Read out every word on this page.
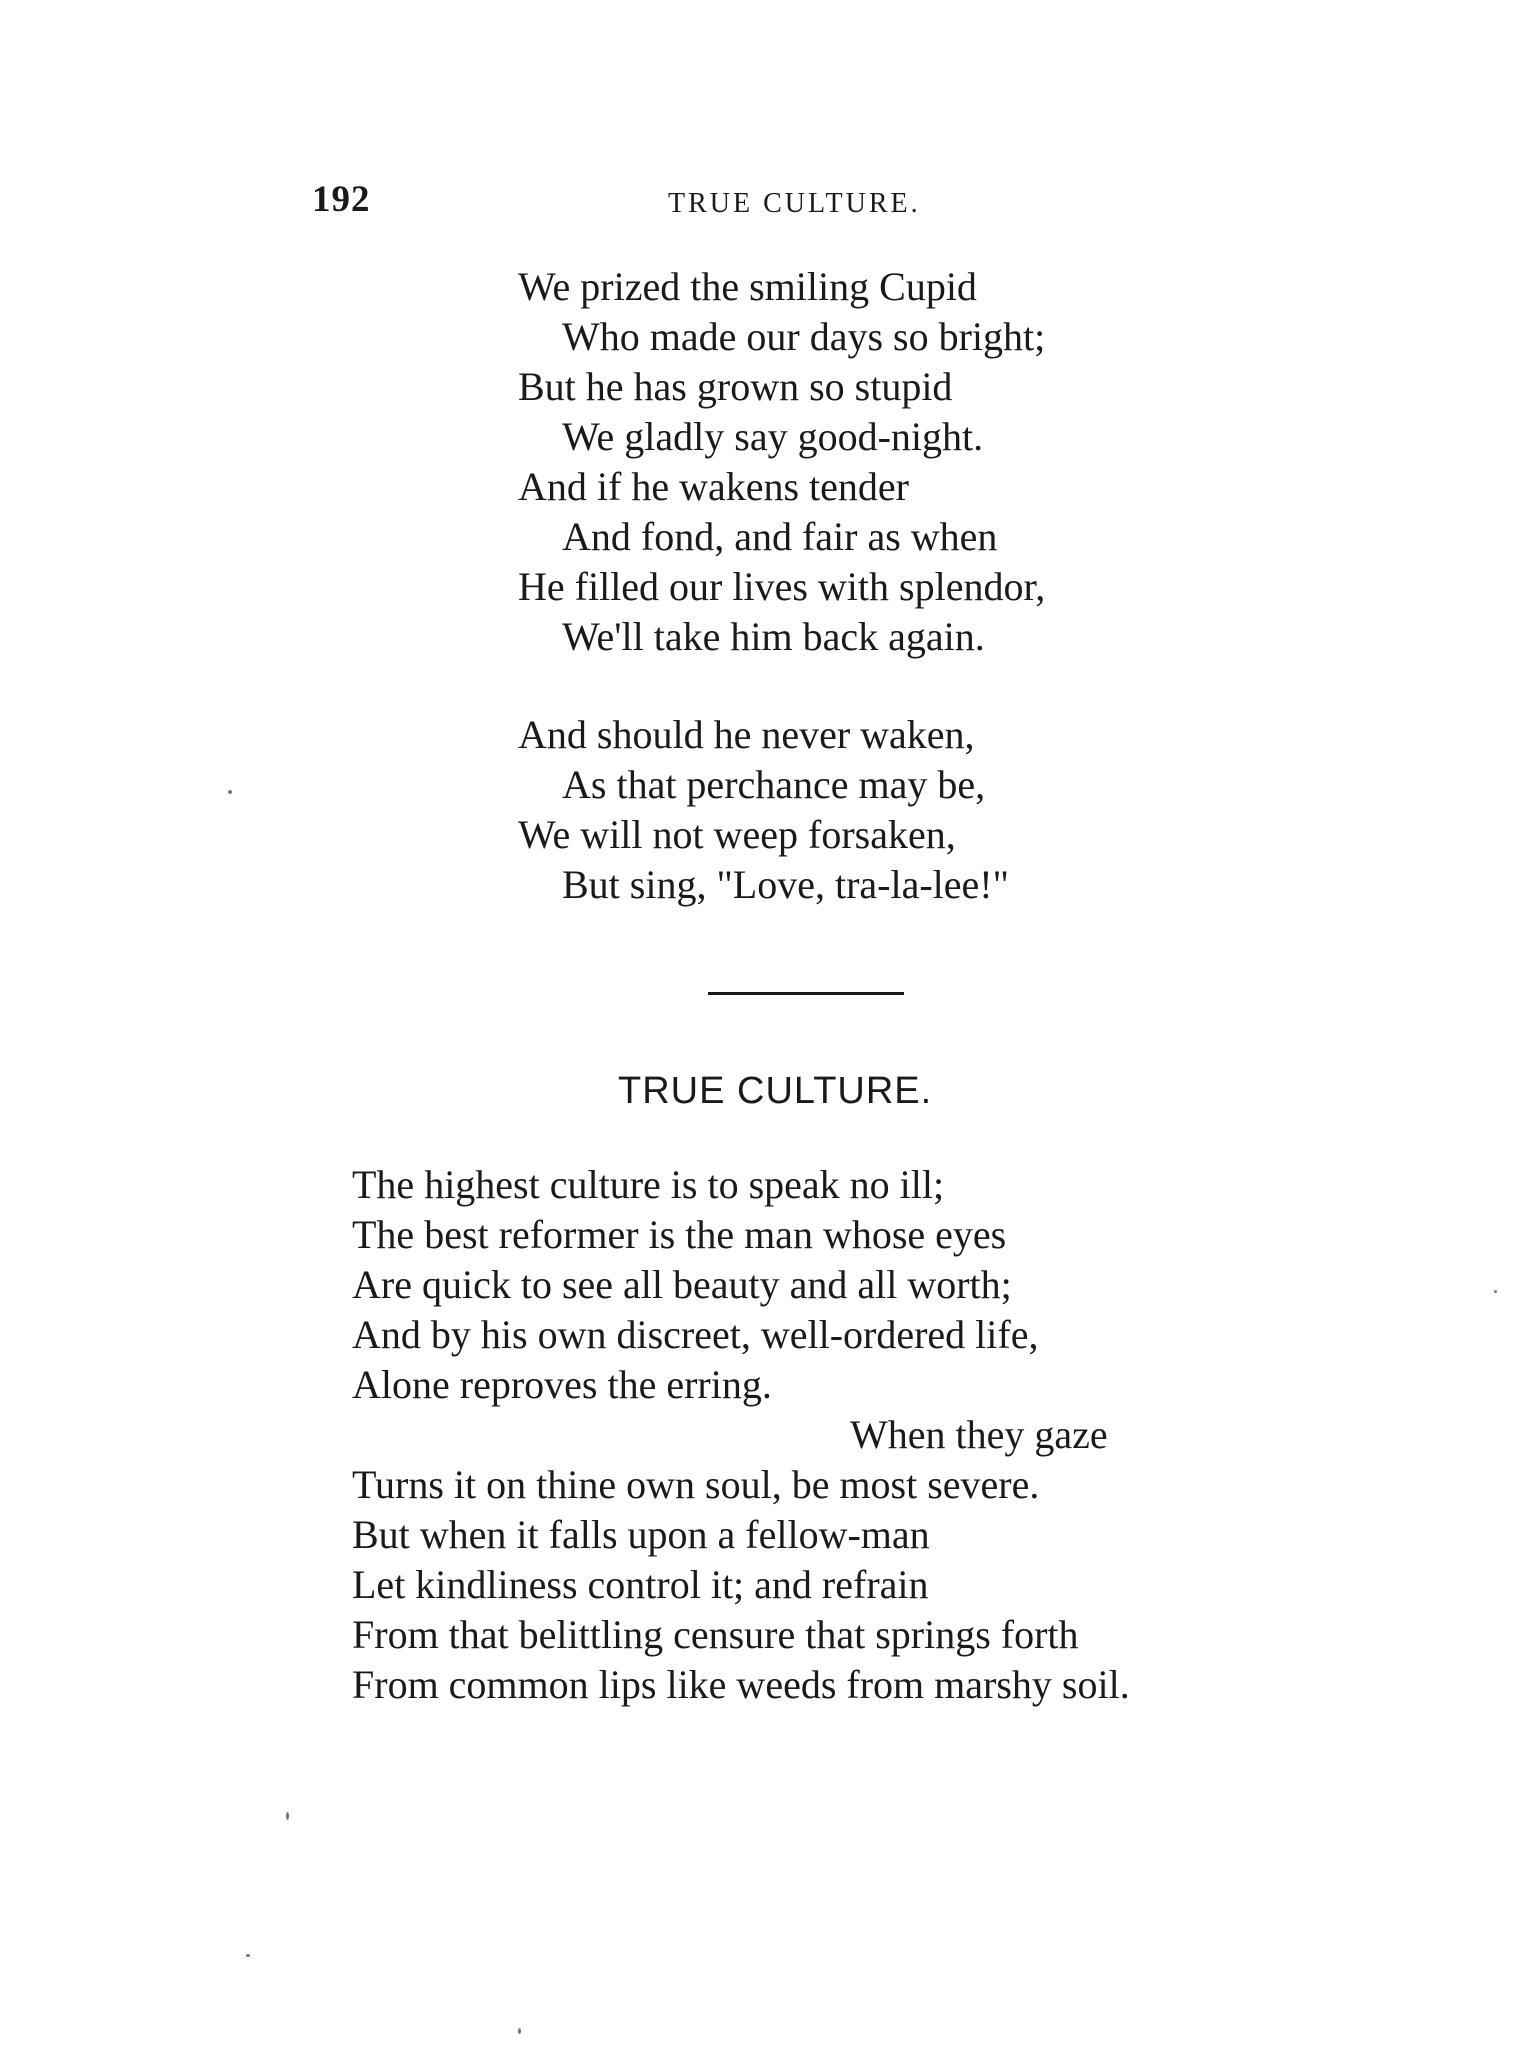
192	TRUE CULTURE.
We prized the smiling Cupid
Who made our days so bright;
But he has grown so stupid
We gladly say good-night.
And if he wakens tender
And fond, and fair as when
He filled our lives with splendor,
We'll take him back again.
And should he never waken,
As that perchance may be,
We will not weep forsaken,
But sing, "Love, tra-la-lee!"
TRUE CULTURE.
The highest culture is to speak no ill;
The best reformer is the man whose eyes
Are quick to see all beauty and all worth;
And by his own discreet, well-ordered life,
Alone reproves the erring.
When they gaze
Turns it on thine own soul, be most severe.
But when it falls upon a fellow-man
Let kindliness control it; and refrain
From that belittling censure that springs forth
From common lips like weeds from marshy soil.
